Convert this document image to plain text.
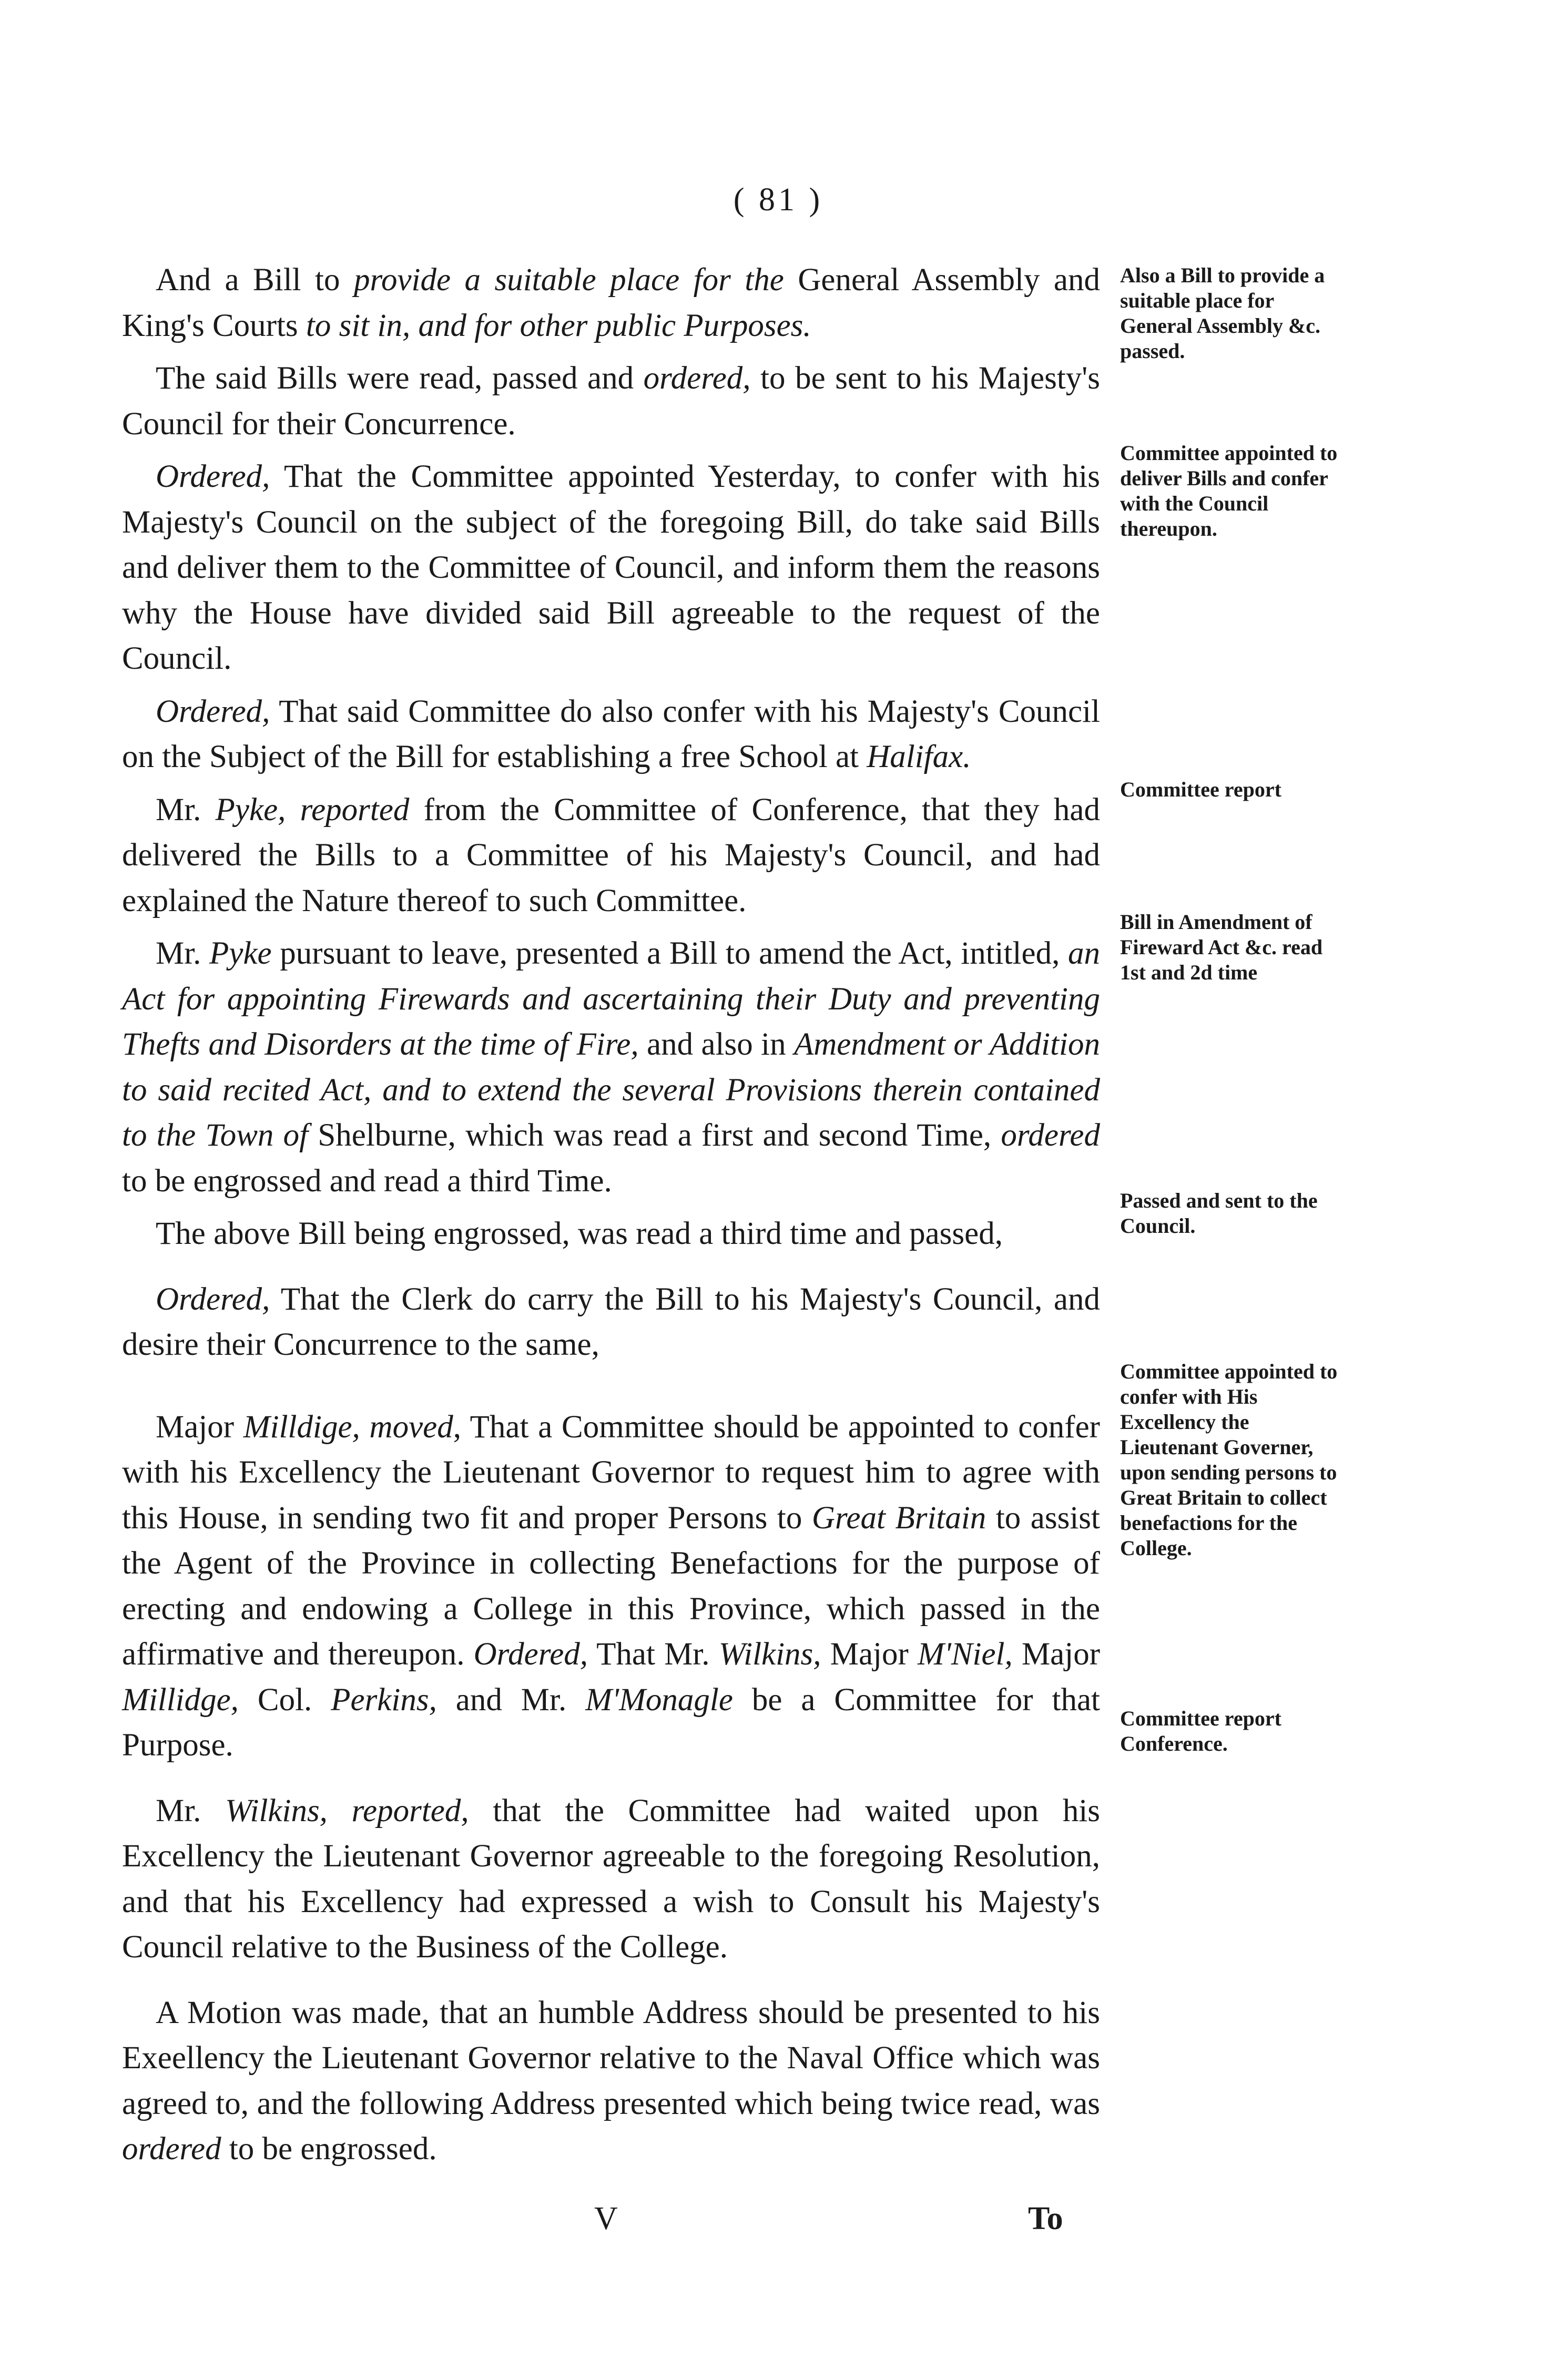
( 81 )

And a Bill to provide a suitable place for the General Assembly and King's Courts to sit in, and for other public Purposes.

The said Bills were read, passed and ordered, to be sent to his Majesty's Council for their Concurrence.

Ordered, That the Committee appointed Yesterday, to confer with his Majesty's Council on the subject of the foregoing Bill, do take said Bills and deliver them to the Committee of Council, and inform them the reasons why the House have divided said Bill agreeable to the request of the Council.

Ordered, That said Committee do also confer with his Majesty's Council on the Subject of the Bill for establishing a free School at Halifax.

Mr. Pyke, reported from the Committee of Conference, that they had delivered the Bills to a Committee of his Majesty's Council, and had explained the Nature thereof to such Committee.

Mr. Pyke pursuant to leave, presented a Bill to amend the Act, intitled, an Act for appointing Firewards and ascertaining their Duty and preventing Thefts and Disorders at the time of Fire, and also in Amendment or Addition to said recited Act, and to extend the several Provisions therein contained to the Town of Shelburne, which was read a first and second Time, ordered to be engrossed and read a third Time.

The above Bill being engrossed, was read a third time and passed,

Ordered, That the Clerk do carry the Bill to his Majesty's Council, and desire their Concurrence to the same,

Major Milldige, moved, That a Committee should be appointed to confer with his Excellency the Lieutenant Governor to request him to agree with this House, in sending two fit and proper Persons to Great Britain to assist the Agent of the Province in collecting Benefactions for the purpose of erecting and endowing a College in this Province, which passed in the affirmative and thereupon. Ordered, That Mr. Wilkins, Major M'Niel, Major Millidge, Col. Perkins, and Mr. M'Monagle be a Committee for that Purpose.

Mr. Wilkins, reported, that the Committee had waited upon his Excellency the Lieutenant Governor agreeable to the foregoing Resolution, and that his Excellency had expressed a wish to Consult his Majesty's Council relative to the Business of the College.

A Motion was made, that an humble Address should be presented to his Exeellency the Lieutenant Governor relative to the Naval Office which was agreed to, and the following Address presented which being twice read, was ordered to be engrossed.

Also a Bill to provide a suitable place for General Assembly &c. passed.

Committee appointed to deliver Bills and confer with the Council thereupon.

Committee report

Bill in Amendment of Fireward Act &c. read 1st and 2d time

Passed and sent to the Council.

Committee appointed to confer with His Excellency the Lieutenant Governer, upon sending persons to Great Britain to collect benefactions for the College.

Committee report Conference.

V	To
